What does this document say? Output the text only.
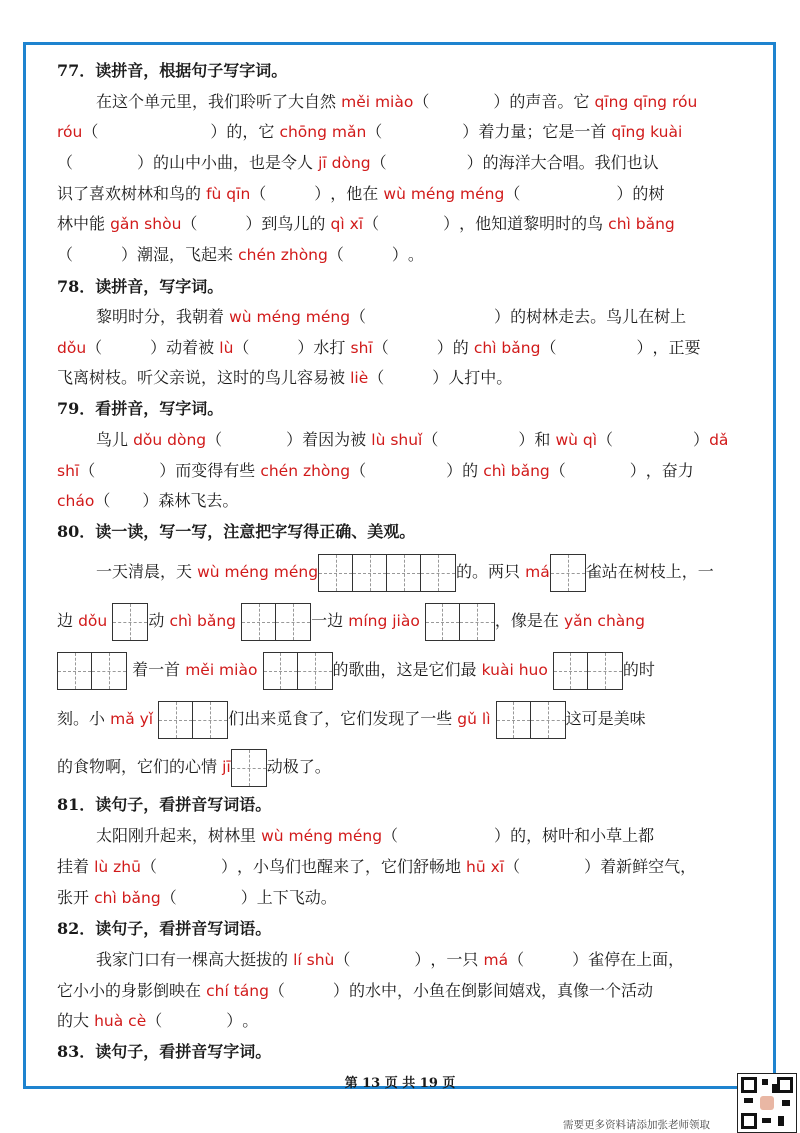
77．读拼音，根据句子写字词。
在这个单元里，我们聆听了大自然 měi miào（　　　　）的声音。它 qīng qīng róu
róu（　　　　　　　）的，它 chōng mǎn（　　　　　）着力量；它是一首 qīng kuài
（　　　　）的山中小曲，也是令人 jī dòng（　　　　　）的海洋大合唱。我们也认
识了喜欢树林和鸟的 fù qīn（　　　），他在 wù méng méng（　　　　　　）的树
林中能 gǎn shòu（　　　）到鸟儿的 qì xī（　　　　），他知道黎明时的鸟 chì bǎng
（　　　）潮湿，飞起来 chén zhòng（　　　）。
78．读拼音，写字词。
黎明时分，我朝着 wù méng méng（　　　　　　　　）的树林走去。鸟儿在树上
dǒu（　　　）动着被 lù（　　　）水打 shī（　　　）的 chì bǎng（　　　　　），正要
飞离树枝。听父亲说，这时的鸟儿容易被 liè（　　　）人打中。
79．看拼音，写字词。
鸟儿 dǒu dòng（　　　　）着因为被 lù shuǐ（　　　　　）和 wù qì（　　　　　）dǎ
shī（　　　　）而变得有些 chén zhòng（　　　　　）的 chì bǎng（　　　　），奋力
cháo（　　）森林飞去。
80．读一读，写一写，注意把字写得正确、美观。
一天清晨，天 wù méng méng	的。两只 má 雀站在树枝上，一
边 dǒu	动 chì bǎng	一边 míng jiào	，像是在 yǎn chàng
着一首 měi miào	的歌曲，这是它们最 kuài huo	的时
刻。小 mǎ yǐ	们出来觅食了，它们发现了一些 gǔ lì	这可是美味
的食物啊，它们的心情 jī 动极了。
81．读句子，看拼音写词语。
太阳刚升起来，树林里 wù méng méng（　　　　　　）的，树叶和小草上都
挂着 lù zhū（　　　　），小鸟们也醒来了，它们舒畅地 hū xī（　　　　）着新鲜空气，
张开 chì bǎng（　　　　）上下飞动。
82．读句子，看拼音写词语。
我家门口有一棵高大挺拔的 lí shù（　　　　），一只 má（　　　）雀停在上面，
它小小的身影倒映在 chí táng（　　　）的水中，小鱼在倒影间嬉戏，真像一个活动
的大 huà cè（　　　　）。
83．读句子，看拼音写字词。
第 13 页 共 19 页
需要更多资料请添加张老师领取
